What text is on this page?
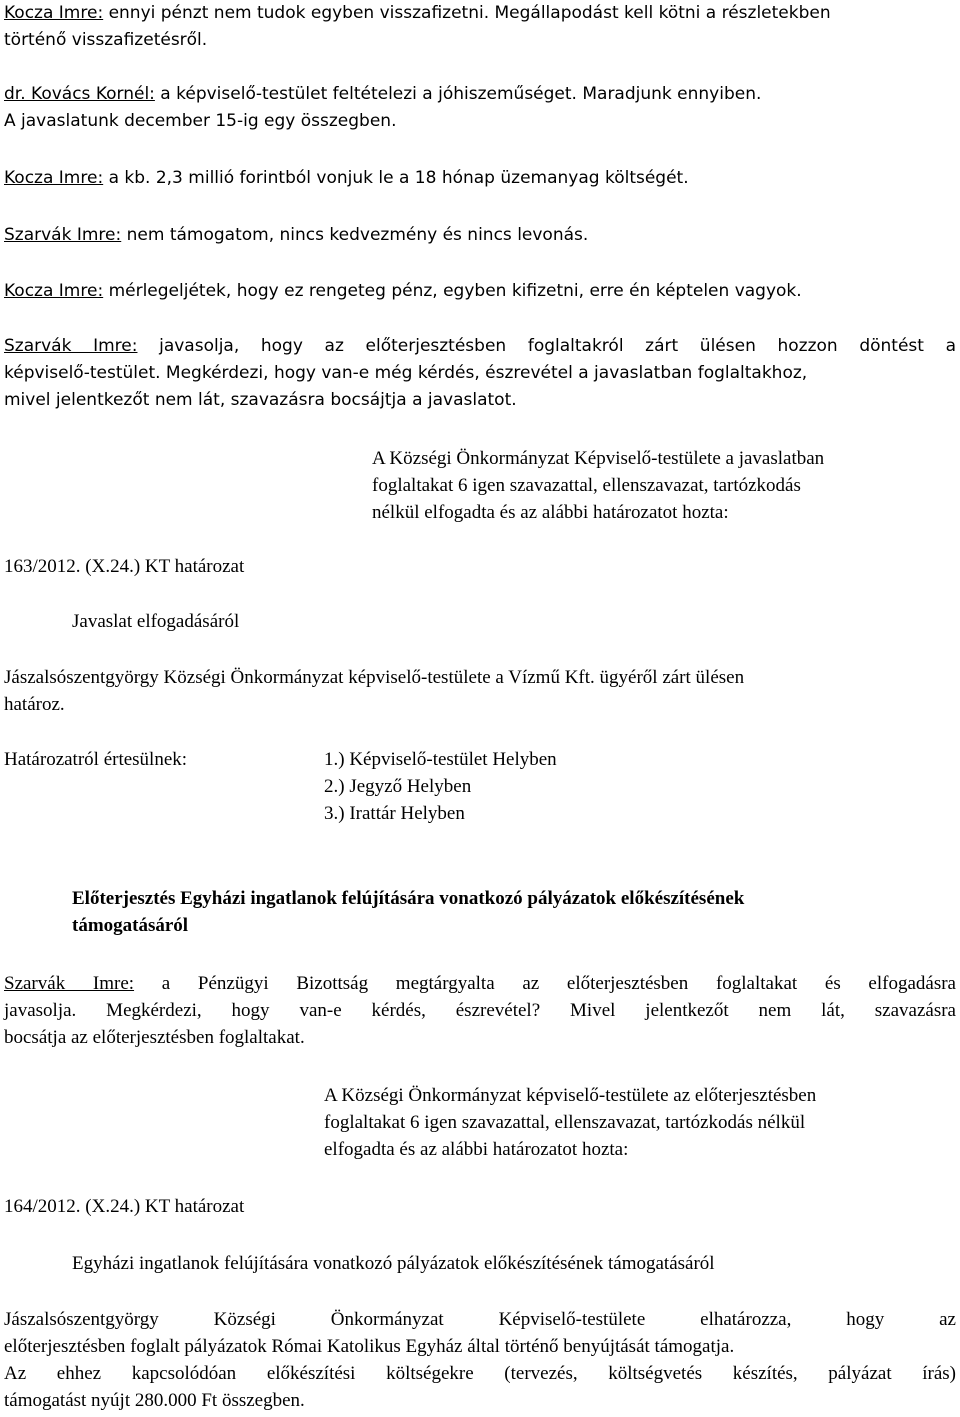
Kocza Imre: ennyi pénzt nem tudok egyben visszafizetni. Megállapodást kell kötni a részletekben
történő visszafizetésről.

dr. Kovács Kornél: a képviselő-testület feltételezi a jóhiszeműséget. Maradjunk ennyiben.
A javaslatunk december 15-ig egy összegben.

Kocza Imre: a kb. 2,3 millió forintból vonjuk le a 18 hónap üzemanyag költségét.

Szarvák Imre: nem támogatom, nincs kedvezmény és nincs levonás.

Kocza Imre: mérlegeljétek, hogy ez rengeteg pénz, egyben kifizetni, erre én képtelen vagyok.

Szarvák Imre: javasolja, hogy az előterjesztésben foglaltakról zárt ülésen hozzon döntést a
képviselő-testület. Megkérdezi, hogy van-e még kérdés, észrevétel a javaslatban foglaltakhoz,
mivel jelentkezőt nem lát, szavazásra bocsájtja a javaslatot.

A Községi Önkormányzat Képviselő-testülete a javaslatban
foglaltakat 6 igen szavazattal, ellenszavazat, tartózkodás
nélkül elfogadta és az alábbi határozatot hozta:

163/2012. (X.24.) KT határozat

Javaslat elfogadásáról

Jászalsószentgyörgy Községi Önkormányzat képviselő-testülete a Vízmű Kft. ügyéről zárt ülésen
határoz.

Határozatról értesülnek:	1.) Képviselő-testület Helyben
2.) Jegyző Helyben
3.) Irattár Helyben

Előterjesztés Egyházi ingatlanok felújítására vonatkozó pályázatok előkészítésének
támogatásáról

Szarvák Imre: a Pénzügyi Bizottság megtárgyalta az előterjesztésben foglaltakat és elfogadásra
javasolja. Megkérdezi, hogy van-e kérdés, észrevétel? Mivel jelentkezőt nem lát, szavazásra
bocsátja az előterjesztésben foglaltakat.

A Községi Önkormányzat képviselő-testülete az előterjesztésben
foglaltakat 6 igen szavazattal, ellenszavazat, tartózkodás nélkül
elfogadta és az alábbi határozatot hozta:

164/2012. (X.24.) KT határozat

Egyházi ingatlanok felújítására vonatkozó pályázatok előkészítésének támogatásáról

Jászalsószentgyörgy Községi Önkormányzat Képviselő-testülete elhatározza, hogy az
előterjesztésben foglalt pályázatok Római Katolikus Egyház által történő benyújtását támogatja.
Az ehhez kapcsolódóan előkészítési költségekre (tervezés, költségvetés készítés, pályázat írás)
támogatást nyújt 280.000 Ft összegben.
